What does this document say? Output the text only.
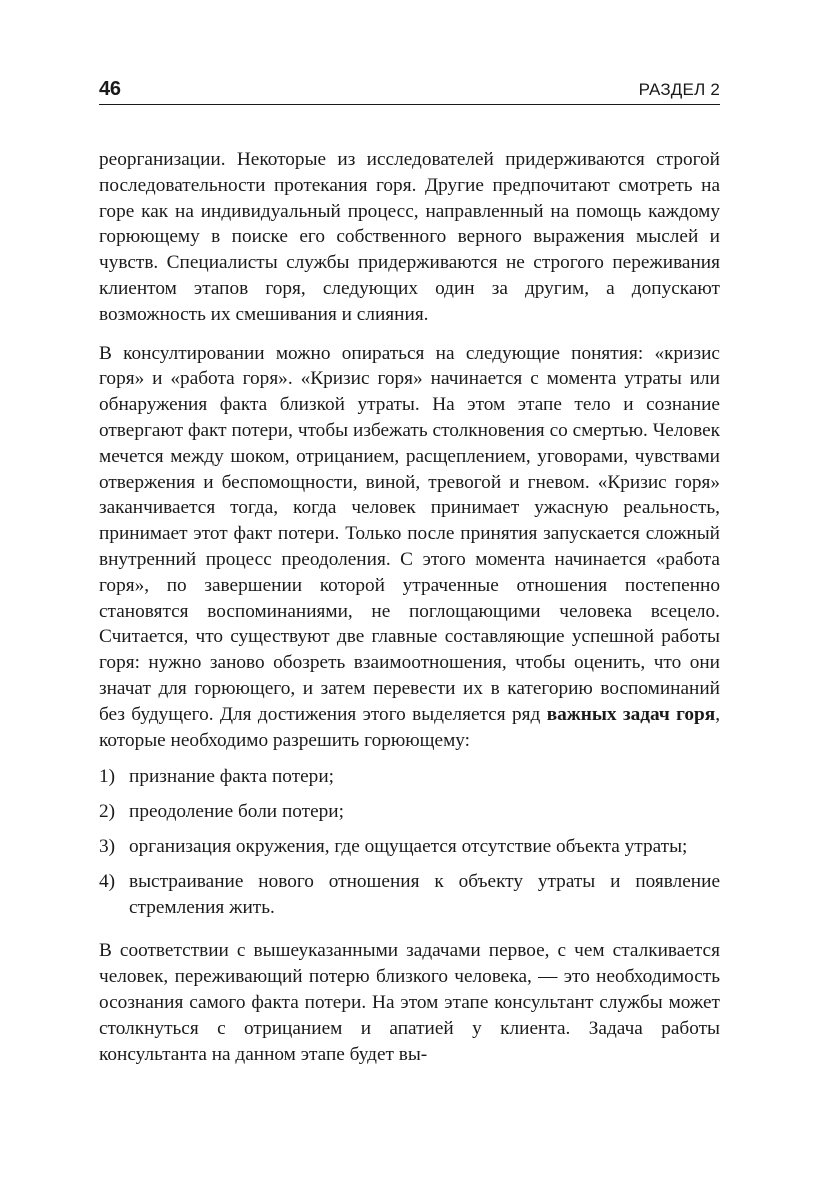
46	РАЗДЕЛ 2

реорганизации. Некоторые из исследователей придерживаются строгой последовательности протекания горя. Другие предпочитают смотреть на горе как на индивидуальный процесс, направленный на помощь каждому горюющему в поиске его собственного верного выражения мыслей и чувств. Специалисты службы придерживаются не строгого переживания клиентом этапов горя, следующих один за другим, а допускают возможность их смешивания и слияния.

В консултировании можно опираться на следующие понятия: «кризис горя» и «работа горя». «Кризис горя» начинается с момента утраты или обнаружения факта близкой утраты. На этом этапе тело и сознание отвергают факт потери, чтобы избежать столкновения со смертью. Человек мечется между шоком, отрицанием, расщеплением, уговорами, чувствами отвержения и беспомощности, виной, тревогой и гневом. «Кризис горя» заканчивается тогда, когда человек принимает ужасную реальность, принимает этот факт потери. Только после принятия запускается сложный внутренний процесс преодоления. С этого момента начинается «работа горя», по завершении которой утраченные отношения постепенно становятся воспоминаниями, не поглощающими человека всецело. Считается, что существуют две главные составляющие успешной работы горя: нужно заново обозреть взаимоотношения, чтобы оценить, что они значат для горюющего, и затем перевести их в категорию воспоминаний без будущего. Для достижения этого выделяется ряд важных задач горя, которые необходимо разрешить горюющему:

1) признание факта потери;
2) преодоление боли потери;
3) организация окружения, где ощущается отсутствие объекта утраты;
4) выстраивание нового отношения к объекту утраты и появление стремления жить.

В соответствии с вышеуказанными задачами первое, с чем сталкивается человек, переживающий потерю близкого человека, — это необходимость осознания самого факта потери. На этом этапе консультант службы может столкнуться с отрицанием и апатией у клиента. Задача работы консультанта на данном этапе будет вы-
